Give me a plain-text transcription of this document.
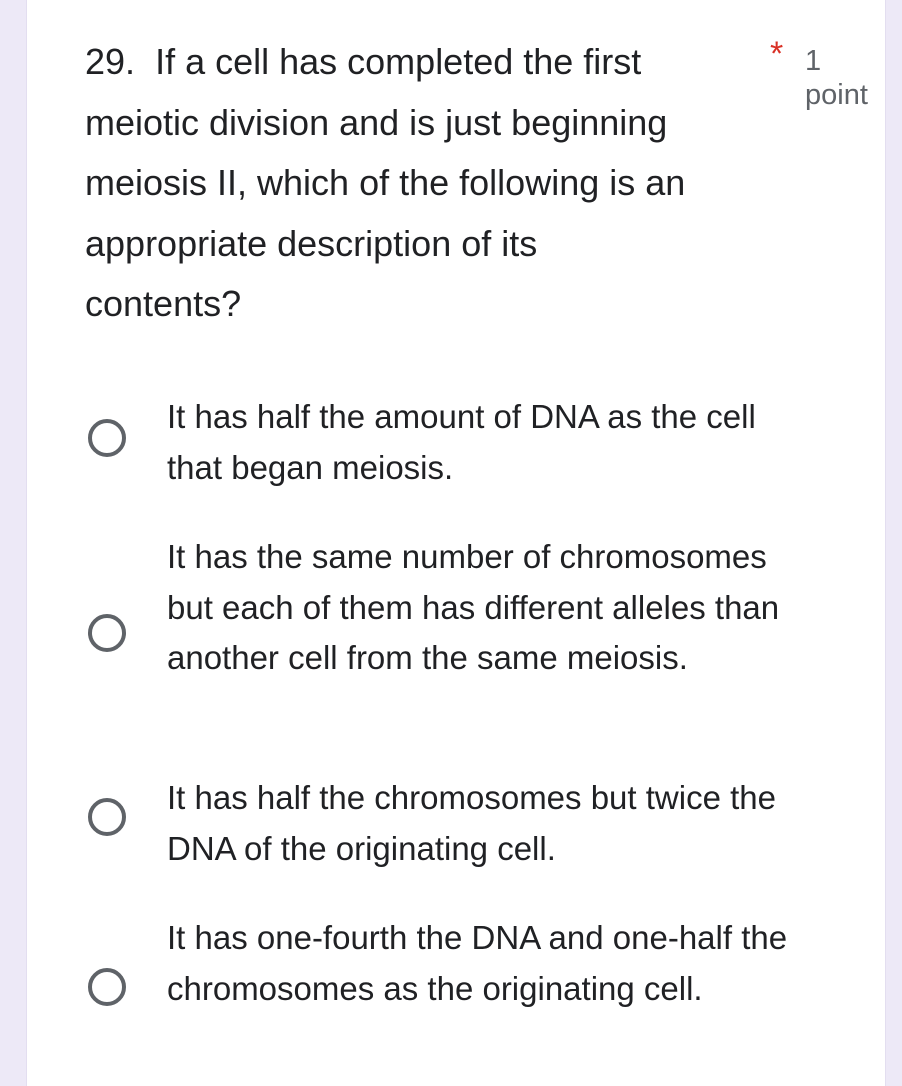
29. If a cell has completed the first meiotic division and is just beginning meiosis II, which of the following is an appropriate description of its contents?
* 1 point

It has half the amount of DNA as the cell that began meiosis.

It has the same number of chromosomes but each of them has different alleles than another cell from the same meiosis.

It has half the chromosomes but twice the DNA of the originating cell.

It has one-fourth the DNA and one-half the chromosomes as the originating cell.
